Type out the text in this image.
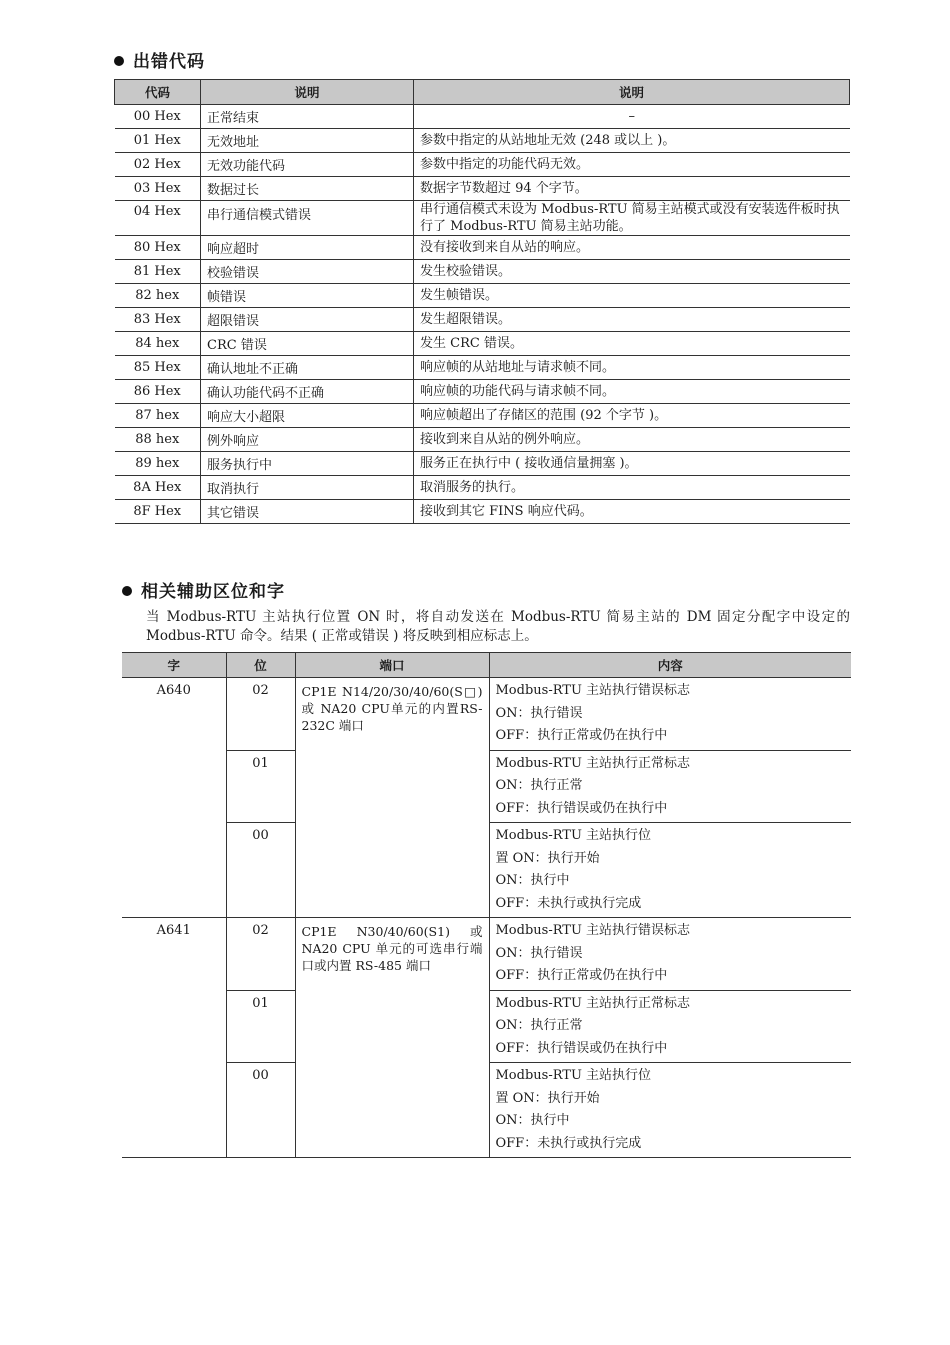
出错代码
代码	说明	说明
00 Hex	正常结束	–
01 Hex	无效地址	参数中指定的从站地址无效 (248 或以上 )。
02 Hex	无效功能代码	参数中指定的功能代码无效。
03 Hex	数据过长	数据字节数超过 94 个字节。
04 Hex	串行通信模式错误	串行通信模式未设为 Modbus-RTU 简易主站模式或没有安装选件板时执行了 Modbus-RTU 简易主站功能。
80 Hex	响应超时	没有接收到来自从站的响应。
81 Hex	校验错误	发生校验错误。
82 hex	帧错误	发生帧错误。
83 Hex	超限错误	发生超限错误。
84 hex	CRC 错误	发生 CRC 错误。
85 Hex	确认地址不正确	响应帧的从站地址与请求帧不同。
86 Hex	确认功能代码不正确	响应帧的功能代码与请求帧不同。
87 hex	响应大小超限	响应帧超出了存储区的范围 (92 个字节 )。
88 hex	例外响应	接收到来自从站的例外响应。
89 hex	服务执行中	服务正在执行中 ( 接收通信量拥塞 )。
8A Hex	取消执行	取消服务的执行。
8F Hex	其它错误	接收到其它 FINS 响应代码。
相关辅助区位和字
当 Modbus-RTU 主站执行位置 ON 时，将自动发送在 Modbus-RTU 简易主站的 DM 固定分配字中设定的 Modbus-RTU 命令。结果 ( 正常或错误 ) 将反映到相应标志上。
字	位	端口	内容
A640	02	CP1E N14/20/30/40/60(S□)或 NA20 CPU单元的内置RS-232C 端口	Modbus-RTU 主站执行错误标志
ON：执行错误
OFF：执行正常或仍在执行中

	01		Modbus-RTU 主站执行正常标志
ON：执行正常
OFF：执行错误或仍在执行中

	00		Modbus-RTU 主站执行位
置 ON：执行开始
ON：执行中
OFF：未执行或执行完成

A641	02	CP1E N30/40/60(S1) 或 NA20 CPU 单元的可选串行端口或内置 RS-485 端口	Modbus-RTU 主站执行错误标志
ON：执行错误
OFF：执行正常或仍在执行中

	01		Modbus-RTU 主站执行正常标志
ON：执行正常
OFF：执行错误或仍在执行中

	00		Modbus-RTU 主站执行位
置 ON：执行开始
ON：执行中
OFF：未执行或执行完成
